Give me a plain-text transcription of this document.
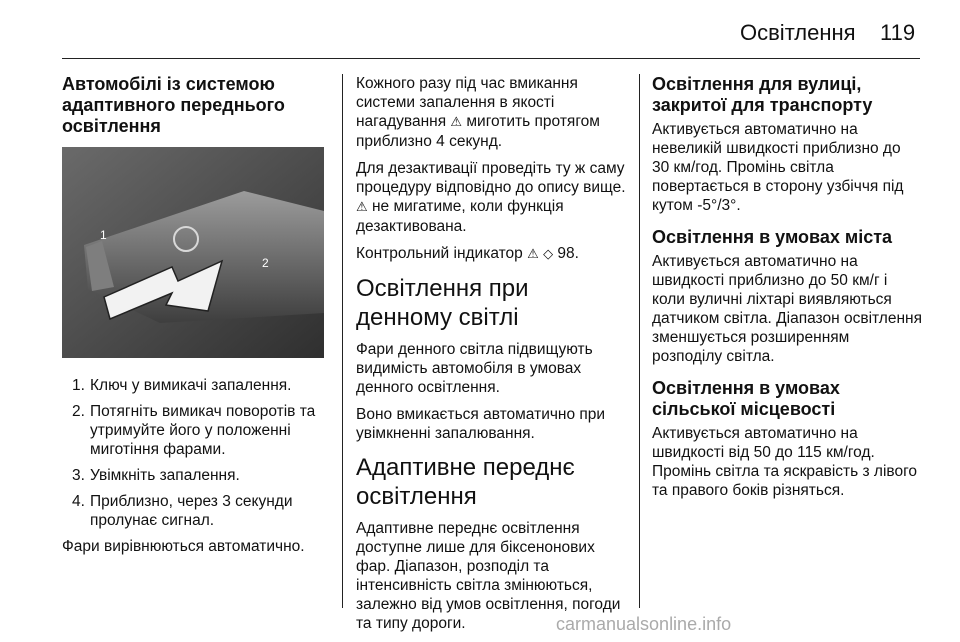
Освітлення 119
Автомобілі із системою адаптивного переднього освітлення
1
2
1. Ключ у вимикачі запалення.
2. Потягніть вимикач поворотів та утримуйте його у положенні миготіння фарами.
3. Увімкніть запалення.
4. Приблизно, через 3 секунди пролунає сигнал.

Фари вирівнюються автоматично.

Кожного разу під час вмикання системи запалення в якості нагадування ⚠ миготить протягом приблизно 4 секунд.

Для дезактивації проведіть ту ж саму процедуру відповідно до опису вище. ⚠ не мигатиме, коли функція дезактивована.

Контрольний індикатор ⚠ ◇ 98.

Освітлення при денному світлі

Фари денного світла підвищують видимість автомобіля в умовах денного освітлення.

Воно вмикається автоматично при увімкненні запалювання.

Адаптивне переднє освітлення

Адаптивне переднє освітлення доступне лише для біксенонових фар. Діапазон, розподіл та інтенсивність світла змінюються, залежно від умов освітлення, погоди та типу дороги.

Освітлення для вулиці, закритої для транспорту

Активується автоматично на невеликій швидкості приблизно до 30 км/год. Промінь світла повертається в сторону узбіччя під кутом -5°/3°.

Освітлення в умовах міста

Активується автоматично на швидкості приблизно до 50 км/г і коли вуличні ліхтарі виявляються датчиком світла. Діапазон освітлення зменшується розширенням розподілу світла.

Освітлення в умовах сільської місцевості

Активується автоматично на швидкості від 50 до 115 км/год. Промінь світла та яскравість з лівого та правого боків різняться.

carmanualsonline.info
